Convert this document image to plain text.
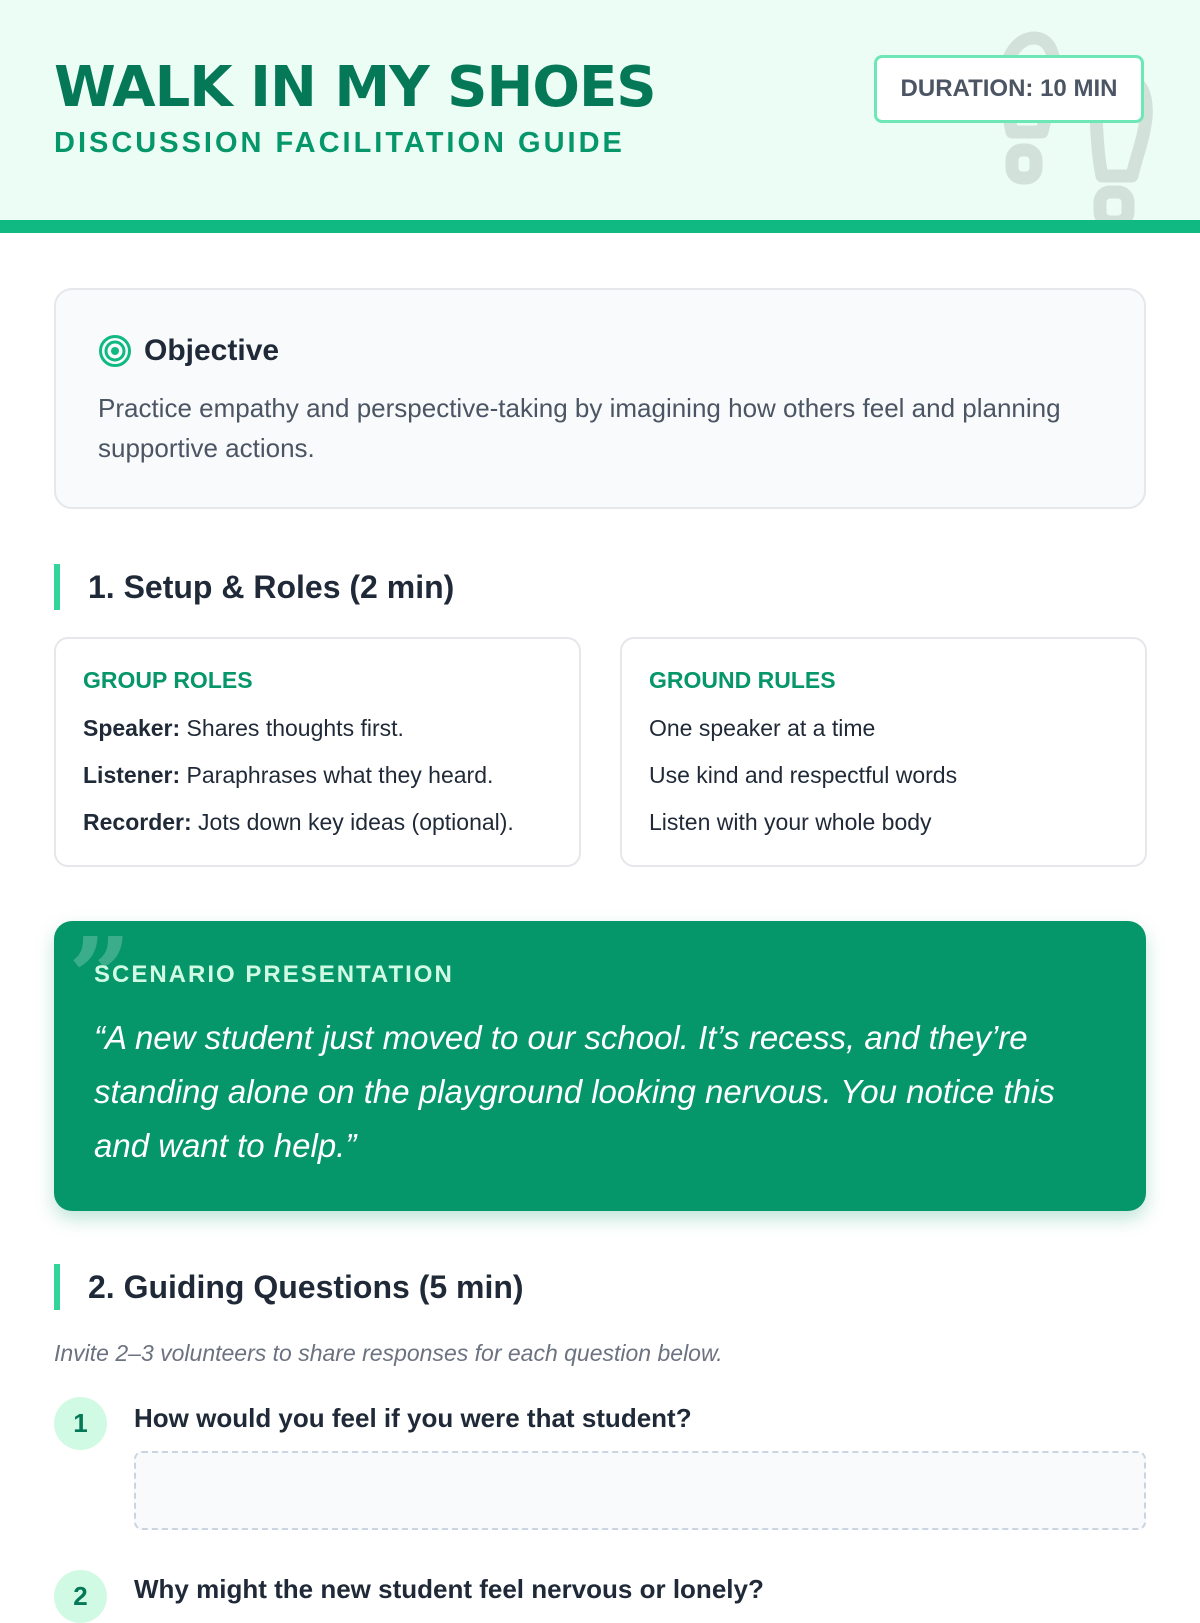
WALK IN MY SHOES
DISCUSSION FACILITATION GUIDE
DURATION: 10 MIN
Objective
Practice empathy and perspective-taking by imagining how others feel and planning supportive actions.
1. Setup & Roles (2 min)
GROUP ROLES
Speaker: Shares thoughts first.
Listener: Paraphrases what they heard.
Recorder: Jots down key ideas (optional).
GROUND RULES
One speaker at a time
Use kind and respectful words
Listen with your whole body
”
SCENARIO PRESENTATION
“A new student just moved to our school. It’s recess, and they’re standing alone on the playground looking nervous. You notice this and want to help.”
2. Guiding Questions (5 min)
Invite 2–3 volunteers to share responses for each question below.
1	How would you feel if you were that student?
2	Why might the new student feel nervous or lonely?
